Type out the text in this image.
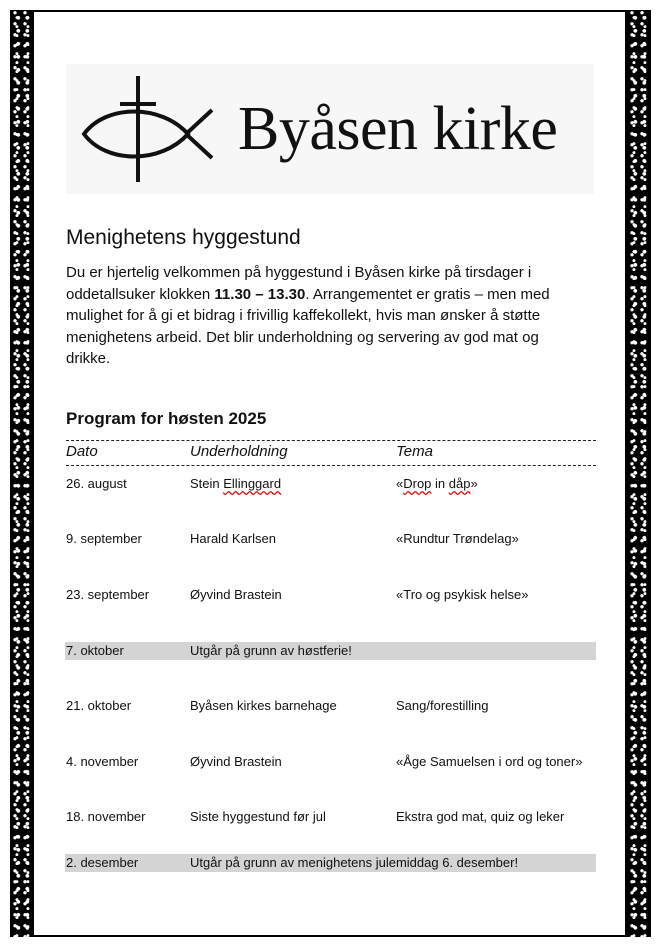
Byåsen kirke
Menighetens hyggestund
Du er hjertelig velkommen på hyggestund i Byåsen kirke på tirsdager i oddetallsuker klokken 11.30 – 13.30. Arrangementet er gratis – men med mulighet for å gi et bidrag i frivillig kaffekollekt, hvis man ønsker å støtte menighetens arbeid. Det blir underholdning og servering av god mat og drikke.
Program for høsten 2025
Dato	Underholdning	Tema
26. august	Stein Ellinggard	«Drop in dåp»
9. september	Harald Karlsen	«Rundtur Trøndelag»
23. september	Øyvind Brastein	«Tro og psykisk helse»
7. oktober	Utgår på grunn av høstferie!
21. oktober	Byåsen kirkes barnehage	Sang/forestilling
4. november	Øyvind Brastein	«Åge Samuelsen i ord og toner»
18. november	Siste hyggestund før jul	Ekstra god mat, quiz og leker
2. desember	Utgår på grunn av menighetens julemiddag 6. desember!
